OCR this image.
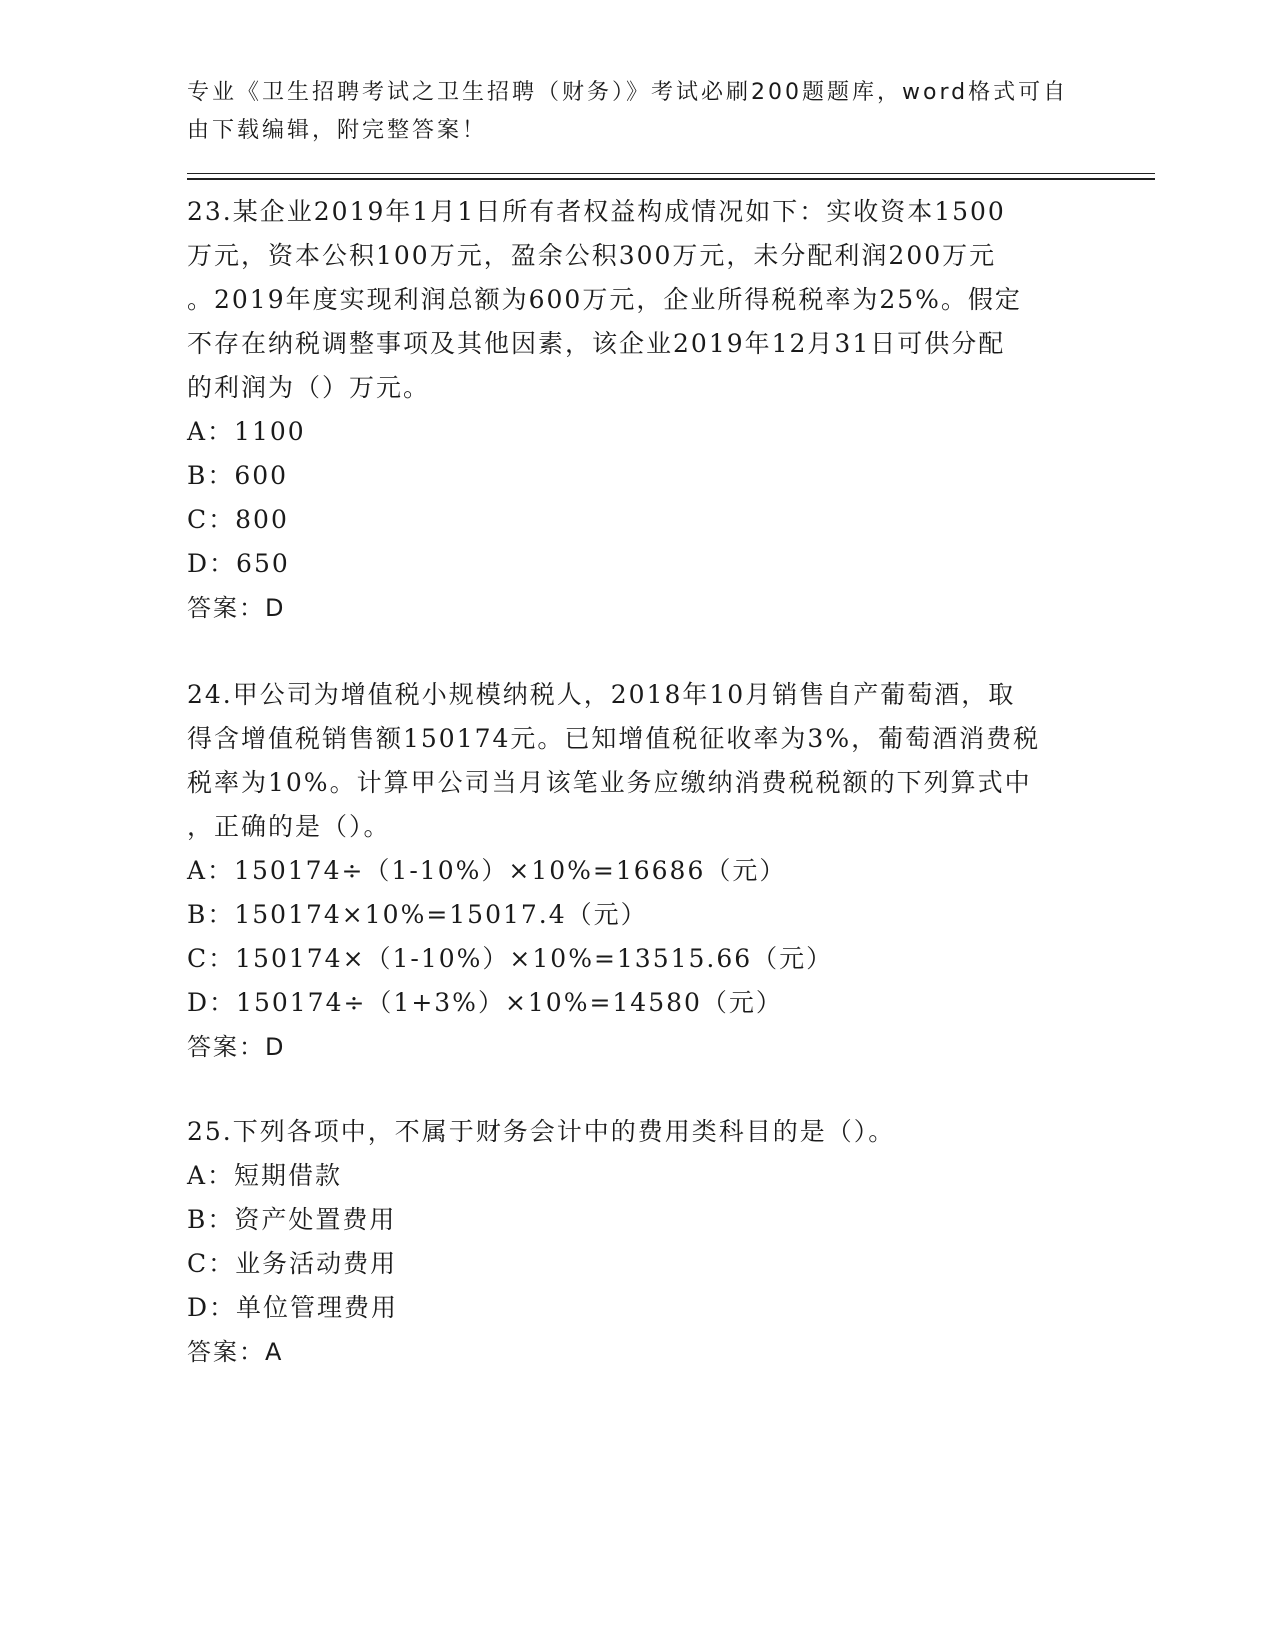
专业《卫生招聘考试之卫生招聘（财务）》考试必刷200题题库，word格式可自
由下载编辑，附完整答案！
23.某企业2019年1月1日所有者权益构成情况如下：实收资本1500
万元，资本公积100万元，盈余公积300万元，未分配利润200万元
。2019年度实现利润总额为600万元，企业所得税税率为25%。假定
不存在纳税调整事项及其他因素，该企业2019年12月31日可供分配
的利润为（）万元。
A：1100
B：600
C：800
D：650
答案：D
24.甲公司为增值税小规模纳税人，2018年10月销售自产葡萄酒，取
得含增值税销售额150174元。已知增值税征收率为3%，葡萄酒消费税
税率为10%。计算甲公司当月该笔业务应缴纳消费税税额的下列算式中
，正确的是（）。
A：150174÷（1-10%）×10%=16686（元）
B：150174×10%=15017.4（元）
C：150174×（1-10%）×10%=13515.66（元）
D：150174÷（1+3%）×10%=14580（元）
答案：D
25.下列各项中，不属于财务会计中的费用类科目的是（）。
A：短期借款
B：资产处置费用
C：业务活动费用
D：单位管理费用
答案：A
